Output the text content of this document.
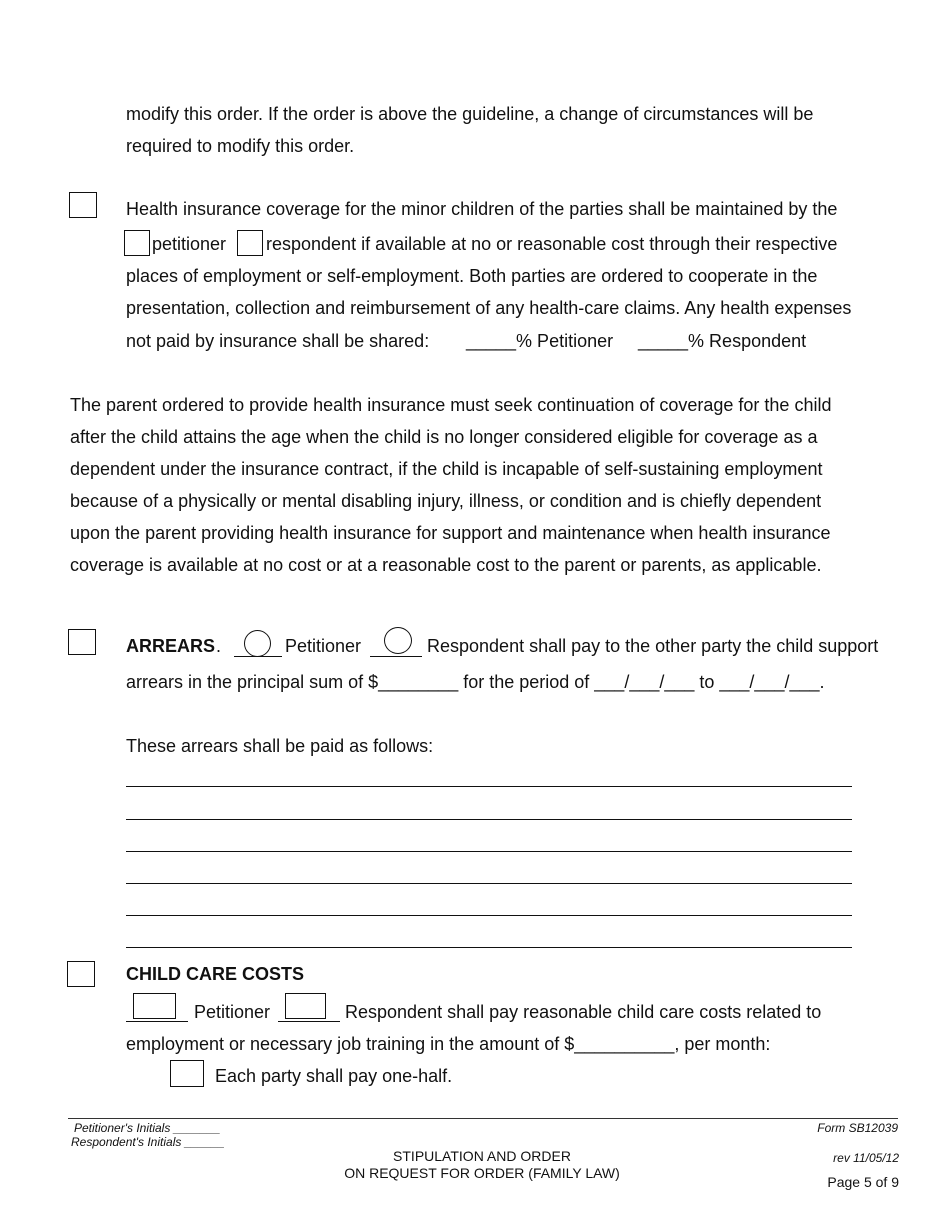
modify this order. If the order is above the guideline, a change of circumstances will be
required to modify this order.
Health insurance coverage for the minor children of the parties shall be maintained by the
petitioner respondent if available at no or reasonable cost through their respective
places of employment or self-employment. Both parties are ordered to cooperate in the
presentation, collection and reimbursement of any health-care claims. Any health expenses
not paid by insurance shall be shared: _____% Petitioner _____% Respondent
The parent ordered to provide health insurance must seek continuation of coverage for the child
after the child attains the age when the child is no longer considered eligible for coverage as a
dependent under the insurance contract, if the child is incapable of self-sustaining employment
because of a physically or mental disabling injury, illness, or condition and is chiefly dependent
upon the parent providing health insurance for support and maintenance when health insurance
coverage is available at no cost or at a reasonable cost to the parent or parents, as applicable.
ARREARS .	Petitioner	Respondent shall pay to the other party the child support
arrears in the principal sum of $________ for the period of ___/___/___ to ___/___/___.
These arrears shall be paid as follows:
CHILD CARE COSTS
Petitioner	Respondent shall pay reasonable child care costs related to
employment or necessary job training in the amount of $__________, per month:
Each party shall pay one-half.
Petitioner's Initials _______
Respondent's Initials ______
STIPULATION AND ORDER
ON REQUEST FOR ORDER (FAMILY LAW)
Form SB12039
rev 11/05/12
Page 5 of 9
